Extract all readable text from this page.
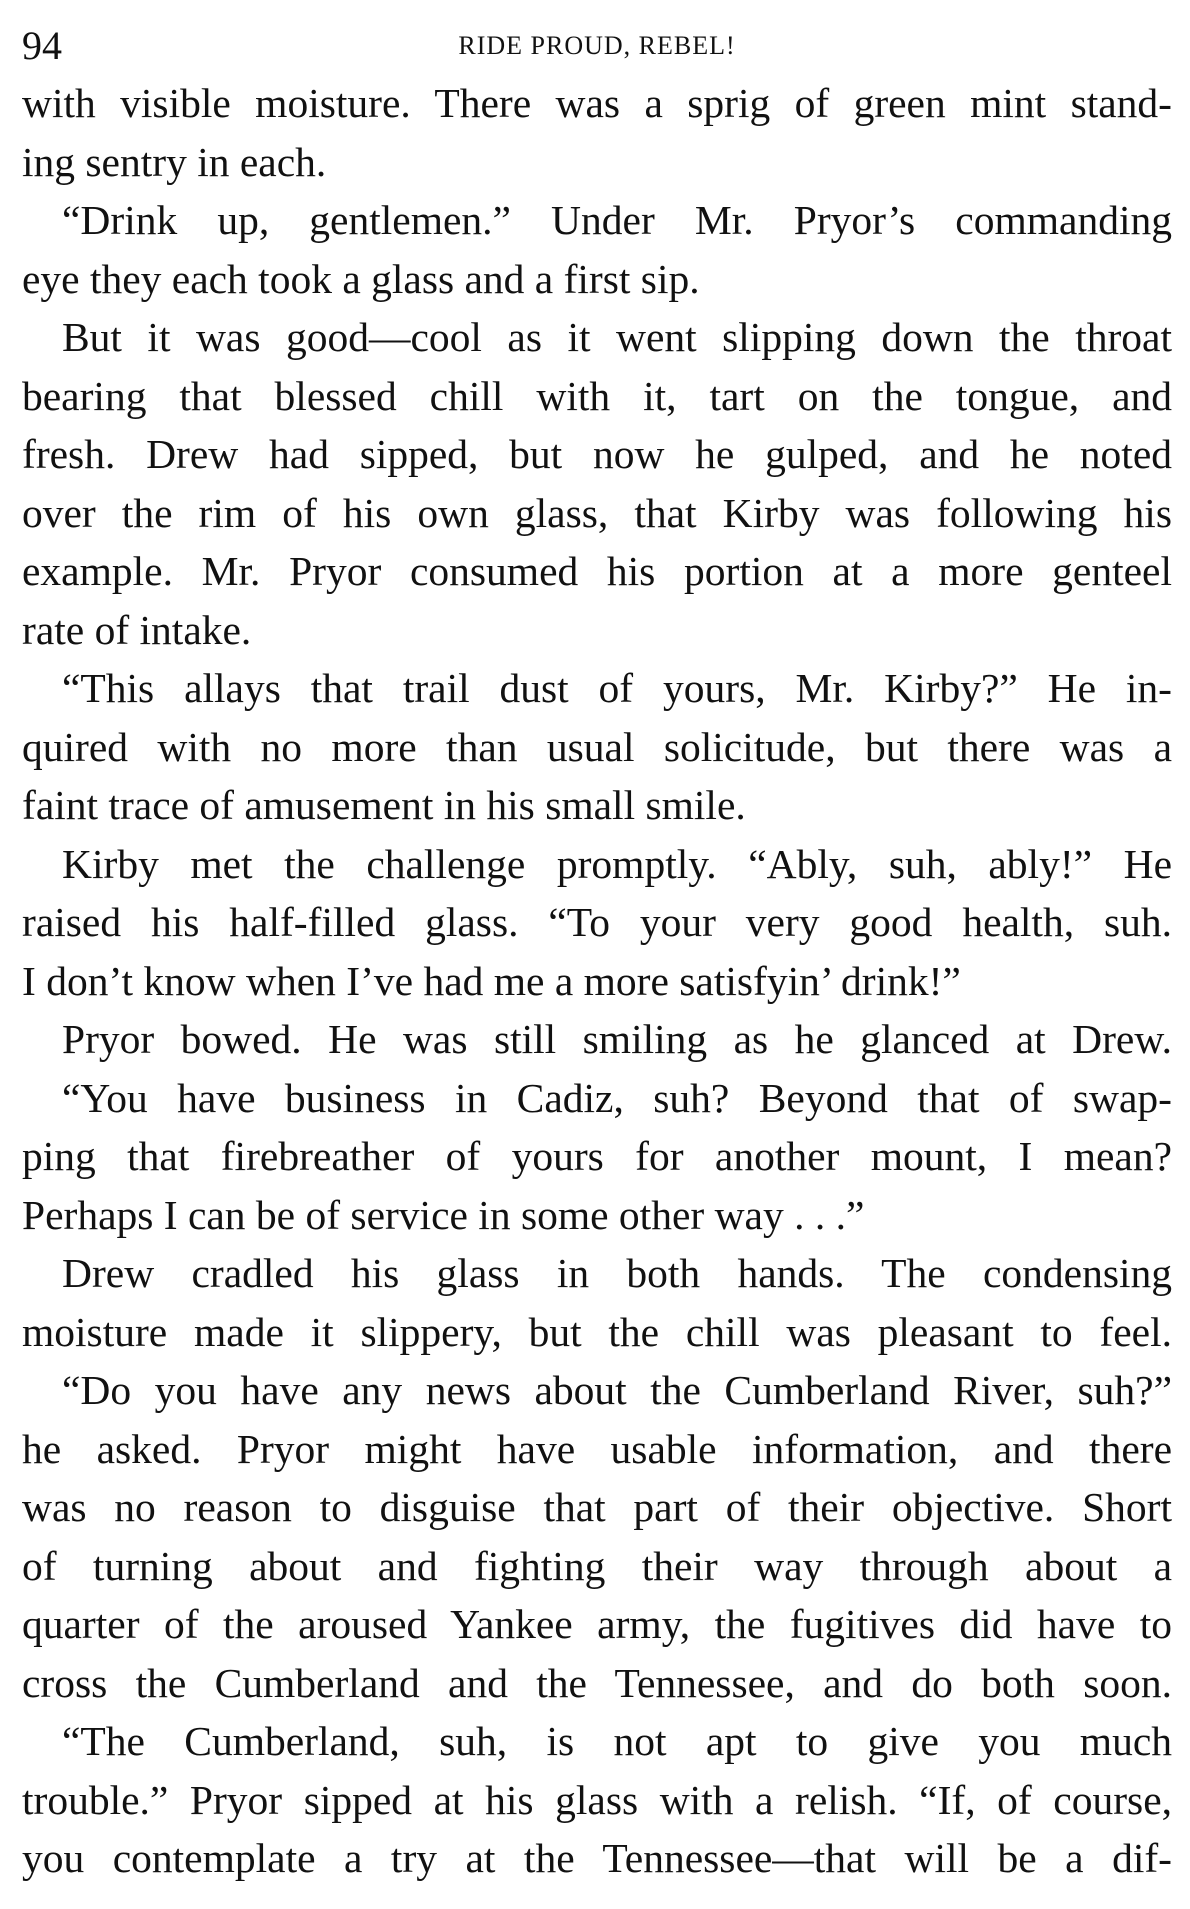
94	RIDE PROUD, REBEL!
with visible moisture. There was a sprig of green mint stand-
ing sentry in each.
“Drink up, gentlemen.” Under Mr. Pryor’s commanding
eye they each took a glass and a first sip.
But it was good—cool as it went slipping down the throat
bearing that blessed chill with it, tart on the tongue, and
fresh. Drew had sipped, but now he gulped, and he noted
over the rim of his own glass, that Kirby was following his
example. Mr. Pryor consumed his portion at a more genteel
rate of intake.
“This allays that trail dust of yours, Mr. Kirby?” He in-
quired with no more than usual solicitude, but there was a
faint trace of amusement in his small smile.
Kirby met the challenge promptly. “Ably, suh, ably!” He
raised his half-filled glass. “To your very good health, suh.
I don’t know when I’ve had me a more satisfyin’ drink!”
Pryor bowed. He was still smiling as he glanced at Drew.
“You have business in Cadiz, suh? Beyond that of swap-
ping that firebreather of yours for another mount, I mean?
Perhaps I can be of service in some other way . . .”
Drew cradled his glass in both hands. The condensing
moisture made it slippery, but the chill was pleasant to feel.
“Do you have any news about the Cumberland River, suh?”
he asked. Pryor might have usable information, and there
was no reason to disguise that part of their objective. Short
of turning about and fighting their way through about a
quarter of the aroused Yankee army, the fugitives did have to
cross the Cumberland and the Tennessee, and do both soon.
“The Cumberland, suh, is not apt to give you much
trouble.” Pryor sipped at his glass with a relish. “If, of course,
you contemplate a try at the Tennessee—that will be a dif-
